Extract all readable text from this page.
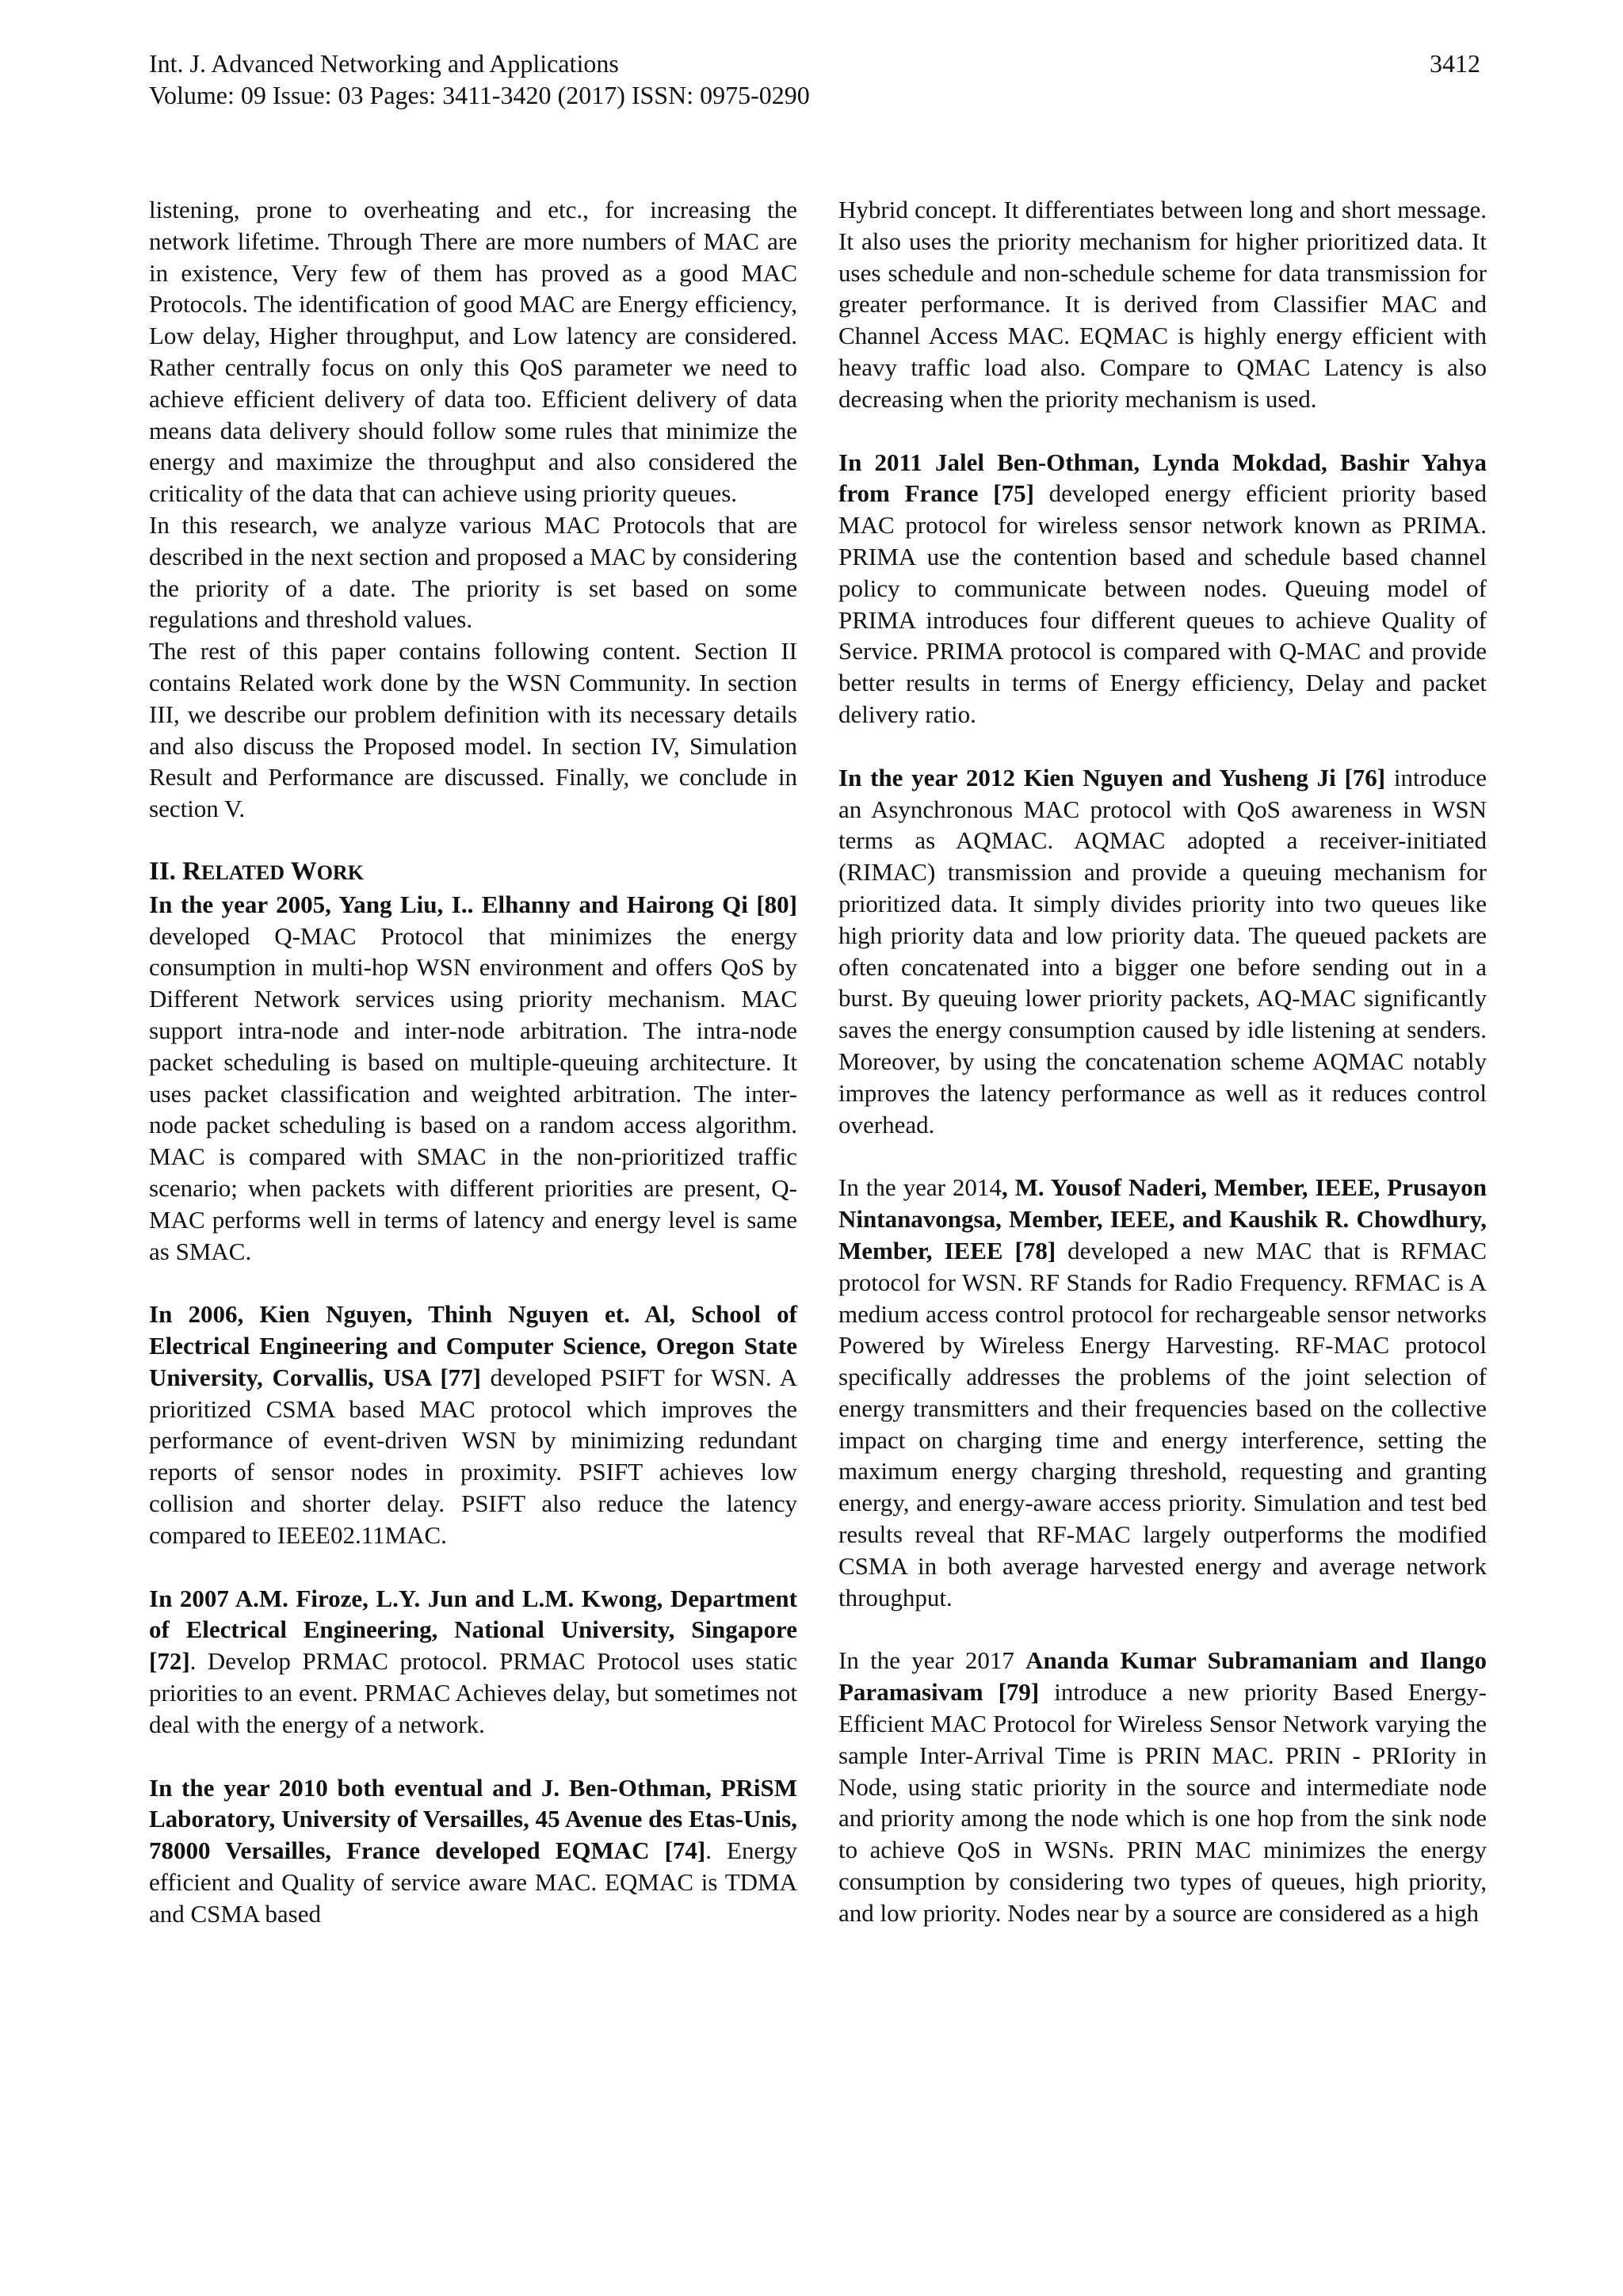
Int. J. Advanced Networking and Applications
Volume: 09 Issue: 03 Pages: 3411-3420 (2017) ISSN: 0975-0290
3412

listening, prone to overheating and etc., for increasing the network lifetime. Through There are more numbers of MAC are in existence, Very few of them has proved as a good MAC Protocols. The identification of good MAC are Energy efficiency, Low delay, Higher throughput, and Low latency are considered. Rather centrally focus on only this QoS parameter we need to achieve efficient delivery of data too. Efficient delivery of data means data delivery should follow some rules that minimize the energy and maximize the throughput and also considered the criticality of the data that can achieve using priority queues.

In this research, we analyze various MAC Protocols that are described in the next section and proposed a MAC by considering the priority of a date. The priority is set based on some regulations and threshold values.

The rest of this paper contains following content. Section II contains Related work done by the WSN Community. In section III, we describe our problem definition with its necessary details and also discuss the Proposed model. In section IV, Simulation Result and Performance are discussed. Finally, we conclude in section V.

II. RELATED WORK

In the year 2005, Yang Liu, I.. Elhanny and Hairong Qi [80] developed Q-MAC Protocol that minimizes the energy consumption in multi-hop WSN environment and offers QoS by Different Network services using priority mechanism. MAC support intra-node and inter-node arbitration. The intra-node packet scheduling is based on multiple-queuing architecture. It uses packet classification and weighted arbitration. The inter-node packet scheduling is based on a random access algorithm. MAC is compared with SMAC in the non-prioritized traffic scenario; when packets with different priorities are present, Q-MAC performs well in terms of latency and energy level is same as SMAC.

In 2006, Kien Nguyen, Thinh Nguyen et. Al, School of Electrical Engineering and Computer Science, Oregon State University, Corvallis, USA [77] developed PSIFT for WSN. A prioritized CSMA based MAC protocol which improves the performance of event-driven WSN by minimizing redundant reports of sensor nodes in proximity. PSIFT achieves low collision and shorter delay. PSIFT also reduce the latency compared to IEEE02.11MAC.

In 2007 A.M. Firoze, L.Y. Jun and L.M. Kwong, Department of Electrical Engineering, National University, Singapore [72]. Develop PRMAC protocol. PRMAC Protocol uses static priorities to an event. PRMAC Achieves delay, but sometimes not deal with the energy of a network.

In the year 2010 both eventual and J. Ben-Othman, PRiSM Laboratory, University of Versailles, 45 Avenue des Etas-Unis, 78000 Versailles, France developed EQMAC [74]. Energy efficient and Quality of service aware MAC. EQMAC is TDMA and CSMA based

Hybrid concept. It differentiates between long and short message. It also uses the priority mechanism for higher prioritized data. It uses schedule and non-schedule scheme for data transmission for greater performance. It is derived from Classifier MAC and Channel Access MAC. EQMAC is highly energy efficient with heavy traffic load also. Compare to QMAC Latency is also decreasing when the priority mechanism is used.

In 2011 Jalel Ben-Othman, Lynda Mokdad, Bashir Yahya from France [75] developed energy efficient priority based MAC protocol for wireless sensor network known as PRIMA. PRIMA use the contention based and schedule based channel policy to communicate between nodes. Queuing model of PRIMA introduces four different queues to achieve Quality of Service. PRIMA protocol is compared with Q-MAC and provide better results in terms of Energy efficiency, Delay and packet delivery ratio.

In the year 2012 Kien Nguyen and Yusheng Ji [76] introduce an Asynchronous MAC protocol with QoS awareness in WSN terms as AQMAC. AQMAC adopted a receiver-initiated (RIMAC) transmission and provide a queuing mechanism for prioritized data. It simply divides priority into two queues like high priority data and low priority data. The queued packets are often concatenated into a bigger one before sending out in a burst. By queuing lower priority packets, AQ-MAC significantly saves the energy consumption caused by idle listening at senders. Moreover, by using the concatenation scheme AQMAC notably improves the latency performance as well as it reduces control overhead.

In the year 2014, M. Yousof Naderi, Member, IEEE, Prusayon Nintanavongsa, Member, IEEE, and Kaushik R. Chowdhury, Member, IEEE [78] developed a new MAC that is RFMAC protocol for WSN. RF Stands for Radio Frequency. RFMAC is A medium access control protocol for rechargeable sensor networks Powered by Wireless Energy Harvesting. RF-MAC protocol specifically addresses the problems of the joint selection of energy transmitters and their frequencies based on the collective impact on charging time and energy interference, setting the maximum energy charging threshold, requesting and granting energy, and energy-aware access priority. Simulation and test bed results reveal that RF-MAC largely outperforms the modified CSMA in both average harvested energy and average network throughput.

In the year 2017 Ananda Kumar Subramaniam and Ilango Paramasivam [79] introduce a new priority Based Energy-Efficient MAC Protocol for Wireless Sensor Network varying the sample Inter-Arrival Time is PRIN MAC. PRIN - PRIority in Node, using static priority in the source and intermediate node and priority among the node which is one hop from the sink node to achieve QoS in WSNs. PRIN MAC minimizes the energy consumption by considering two types of queues, high priority, and low priority. Nodes near by a source are considered as a high
